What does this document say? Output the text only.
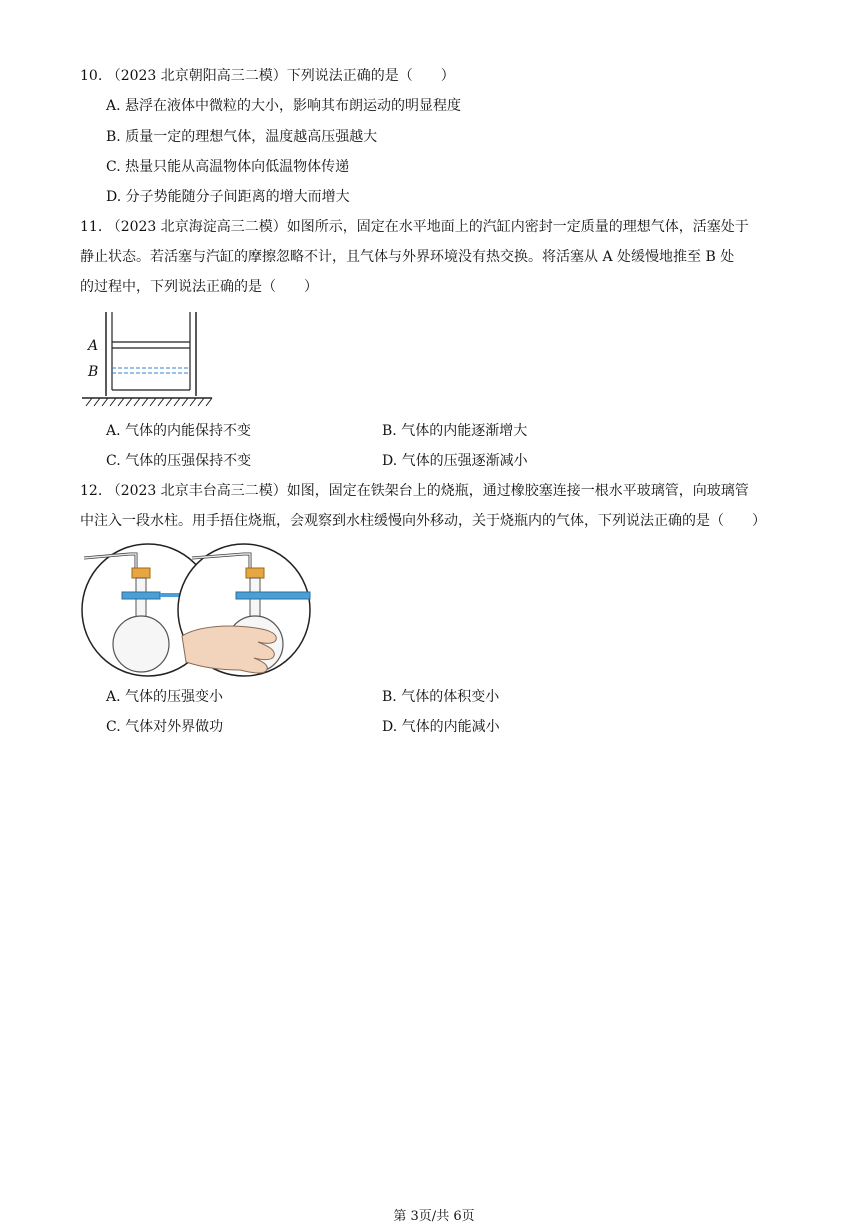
10. （2023 北京朝阳高三二模）下列说法正确的是（　　）
A. 悬浮在液体中微粒的大小，影响其布朗运动的明显程度
B. 质量一定的理想气体，温度越高压强越大
C. 热量只能从高温物体向低温物体传递
D. 分子势能随分子间距离的增大而增大
11. （2023 北京海淀高三二模）如图所示，固定在水平地面上的汽缸内密封一定质量的理想气体，活塞处于
静止状态。若活塞与汽缸的摩擦忽略不计，且气体与外界环境没有热交换。将活塞从 A 处缓慢地推至 B 处
的过程中，下列说法正确的是（　　）
A
B
A. 气体的内能保持不变	B. 气体的内能逐渐增大
C. 气体的压强保持不变	D. 气体的压强逐渐减小
12. （2023 北京丰台高三二模）如图，固定在铁架台上的烧瓶，通过橡胶塞连接一根水平玻璃管，向玻璃管
中注入一段水柱。用手捂住烧瓶，会观察到水柱缓慢向外移动，关于烧瓶内的气体，下列说法正确的是（　　）
A. 气体的压强变小	B. 气体的体积变小
C. 气体对外界做功	D. 气体的内能减小
第 3页/共 6页
